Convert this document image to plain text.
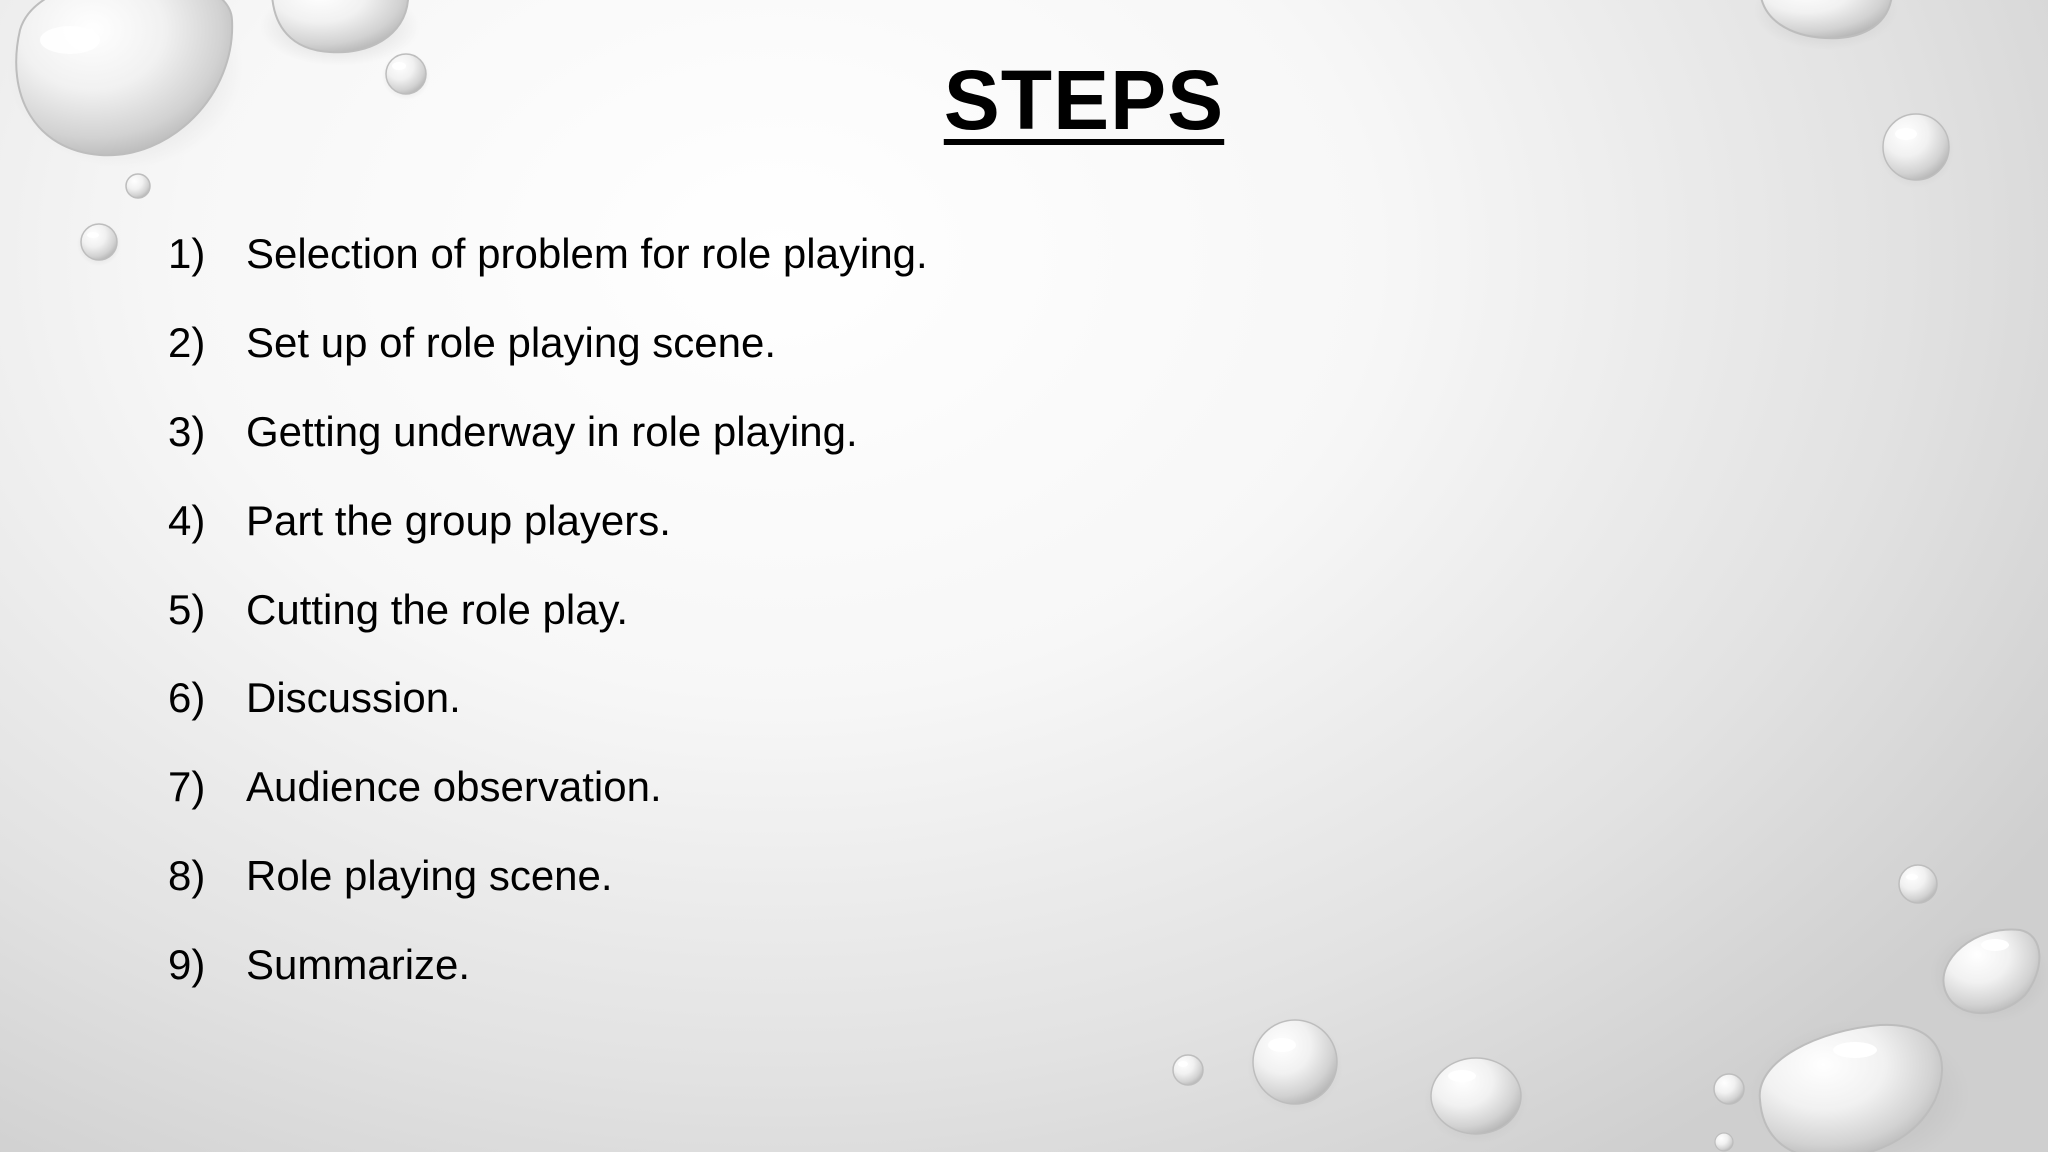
STEPS
1) Selection of problem for role playing.
2) Set up of role playing scene.
3) Getting underway in role playing.
4) Part the group players.
5) Cutting the role play.
6) Discussion.
7) Audience observation.
8) Role playing scene.
9) Summarize.
